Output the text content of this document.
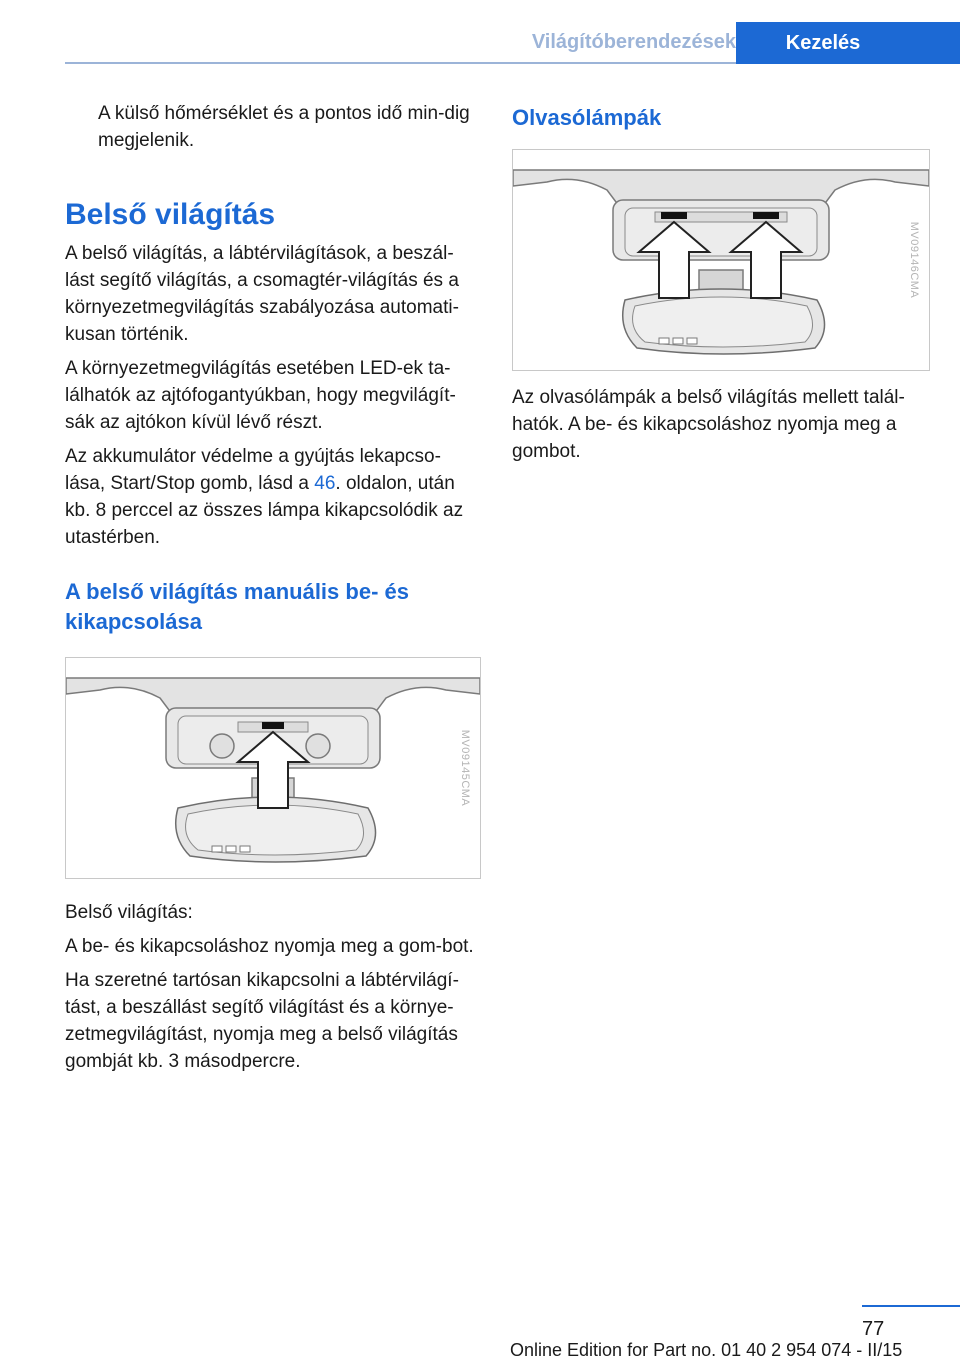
Világítóberendezések	Kezelés

A külső hőmérséklet és a pontos idő min‐dig megjelenik.

Belső világítás

A belső világítás, a lábtérvilágítások, a beszál‐lást segítő világítás, a csomagtér-világítás és a környezetmegvilágítás szabályozása automati‐kusan történik.

A környezetmegvilágítás esetében LED-ek ta‐lálhatók az ajtófogantyúkban, hogy megvilágít‐sák az ajtókon kívül lévő részt.

Az akkumulátor védelme a gyújtás lekapcso‐lása, Start/Stop gomb, lásd a 46. oldalon, után kb. 8 perccel az összes lámpa kikapcsolódik az utastérben.

A belső világítás manuális be- és kikapcsolása
MV09145CMA

Belső világítás:

A be- és kikapcsoláshoz nyomja meg a gom‐bot.

Ha szeretné tartósan kikapcsolni a lábtérvilágí‐tást, a beszállást segítő világítást és a környe‐zetmegvilágítást, nyomja meg a belső világítás gombját kb. 3 másodpercre.

Olvasólámpák
MV09146CMA

Az olvasólámpák a belső világítás mellett talál‐hatók. A be- és kikapcsoláshoz nyomja meg a gombot.

77
Online Edition for Part no. 01 40 2 954 074 - II/15
